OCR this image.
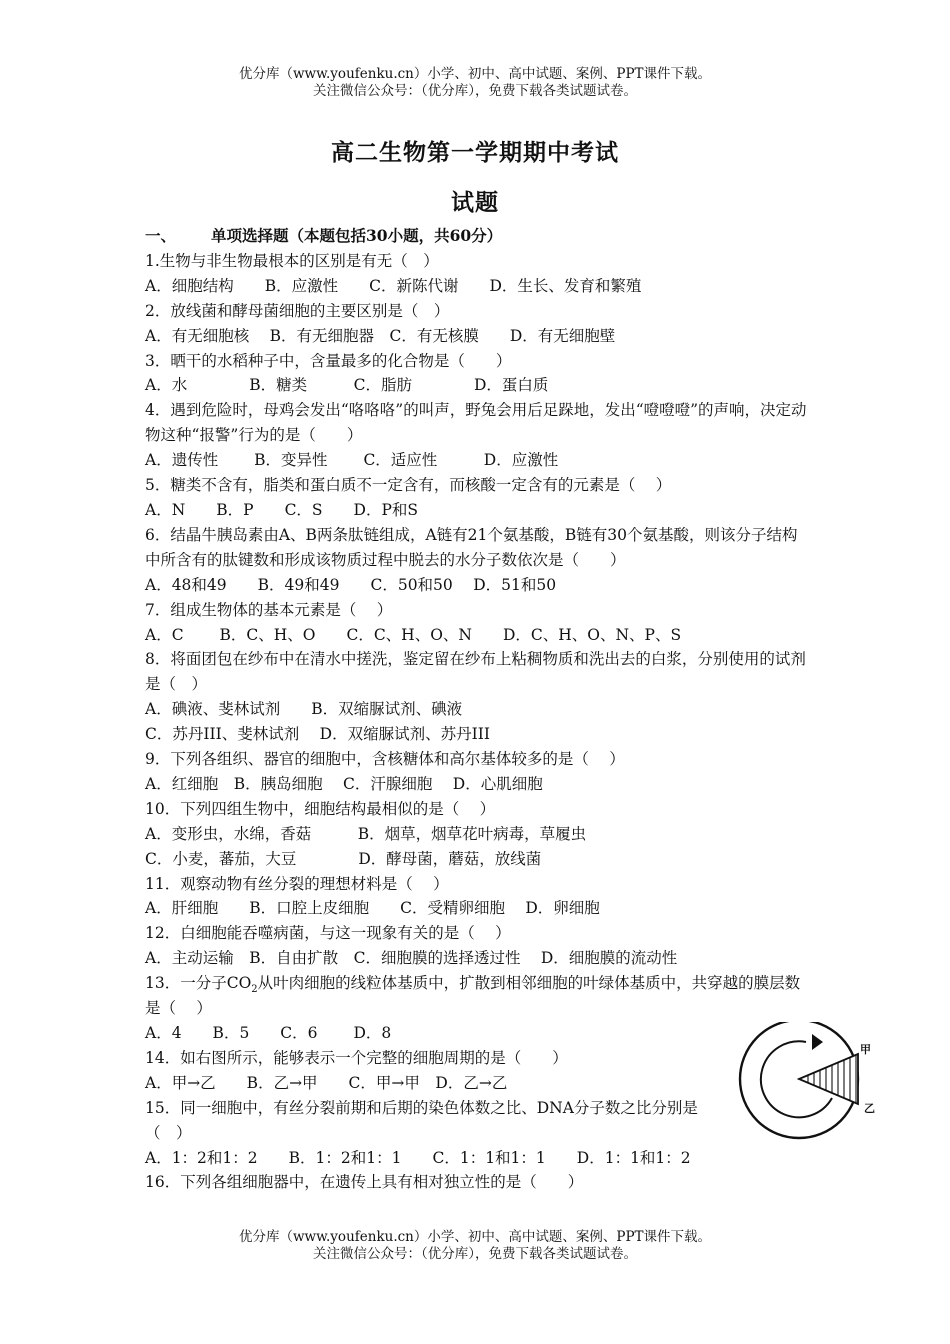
优分库（www.youfenku.cn）小学、初中、高中试题、案例、PPT课件下载。
关注微信公众号：（优分库），免费下载各类试题试卷。
高二生物第一学期期中考试
试题

一、 单项选择题（本题包括30小题，共60分）

1.生物与非生物最根本的区别是有无（　）

A．细胞结构　　B．应激性　　C．新陈代谢　　D．生长、发育和繁殖

2．放线菌和酵母菌细胞的主要区别是（　）

A．有无细胞核　 B．有无细胞器　C．有无核膜　　D．有无细胞壁

3．晒干的水稻种子中，含量最多的化合物是（　　）

A．水　　　　B．糖类　　　C．脂肪　　　　D．蛋白质

4．遇到危险时，母鸡会发出“咯咯咯”的叫声，野兔会用后足跺地，发出“噔噔噔”的声响，决定动物这种“报警”行为的是（　　）

A．遗传性　　 B．变异性　　 C．适应性　　　D．应激性

5．糖类不含有，脂类和蛋白质不一定含有，而核酸一定含有的元素是（　 ）

A．N　　B．P　　C．S　　D．P和S

6．结晶牛胰岛素由A、B两条肽链组成，A链有21个氨基酸，B链有30个氨基酸，则该分子结构中所含有的肽键数和形成该物质过程中脱去的水分子数依次是（　　）

A．48和49　　B．49和49　　C．50和50　 D．51和50

7．组成生物体的基本元素是（　 ）

A．C　　 B．C、H、O　　C．C、H、O、N　　D．C、H、O、N、P、S

8．将面团包在纱布中在清水中搓洗，鉴定留在纱布上粘稠物质和洗出去的白浆，分别使用的试剂是（　）

A．碘液、斐林试剂　　B．双缩脲试剂、碘液

C．苏丹III、斐林试剂　 D．双缩脲试剂、苏丹III

9．下列各组织、器官的细胞中，含核糖体和高尔基体较多的是（　 ）

A．红细胞　B．胰岛细胞　 C．汗腺细胞　 D．心肌细胞

10．下列四组生物中，细胞结构最相似的是（　 ）

A．变形虫，水绵，香菇　　　B．烟草，烟草花叶病毒，草履虫

C．小麦，蕃茄，大豆　　　　D．酵母菌，蘑菇，放线菌

11．观察动物有丝分裂的理想材料是（　 ）

A．肝细胞　　B．口腔上皮细胞　　C．受精卵细胞　 D．卵细胞

12．白细胞能吞噬病菌，与这一现象有关的是（　 ）

A．主动运输　B．自由扩散　C．细胞膜的选择透过性　 D．细胞膜的流动性

13．一分子$CO_2$从叶肉细胞的线粒体基质中，扩散到相邻细胞的叶绿体基质中，共穿越的膜层数是（　 ）

A．4　　B．5　　C．6　　 D．8

14．如右图所示，能够表示一个完整的细胞周期的是（　　）

A．甲→乙　　B．乙→甲　　C．甲→甲　D．乙→乙

15．同一细胞中，有丝分裂前期和后期的染色体数之比、DNA分子数之比分别是（　）

A．1：2和1：2　　B．1：2和1：1　　C．1：1和1：1　　D．1：1和1：2

16．下列各组细胞器中，在遗传上具有相对独立性的是（　　）

甲
乙
优分库（www.youfenku.cn）小学、初中、高中试题、案例、PPT课件下载。
关注微信公众号：（优分库），免费下载各类试题试卷。
